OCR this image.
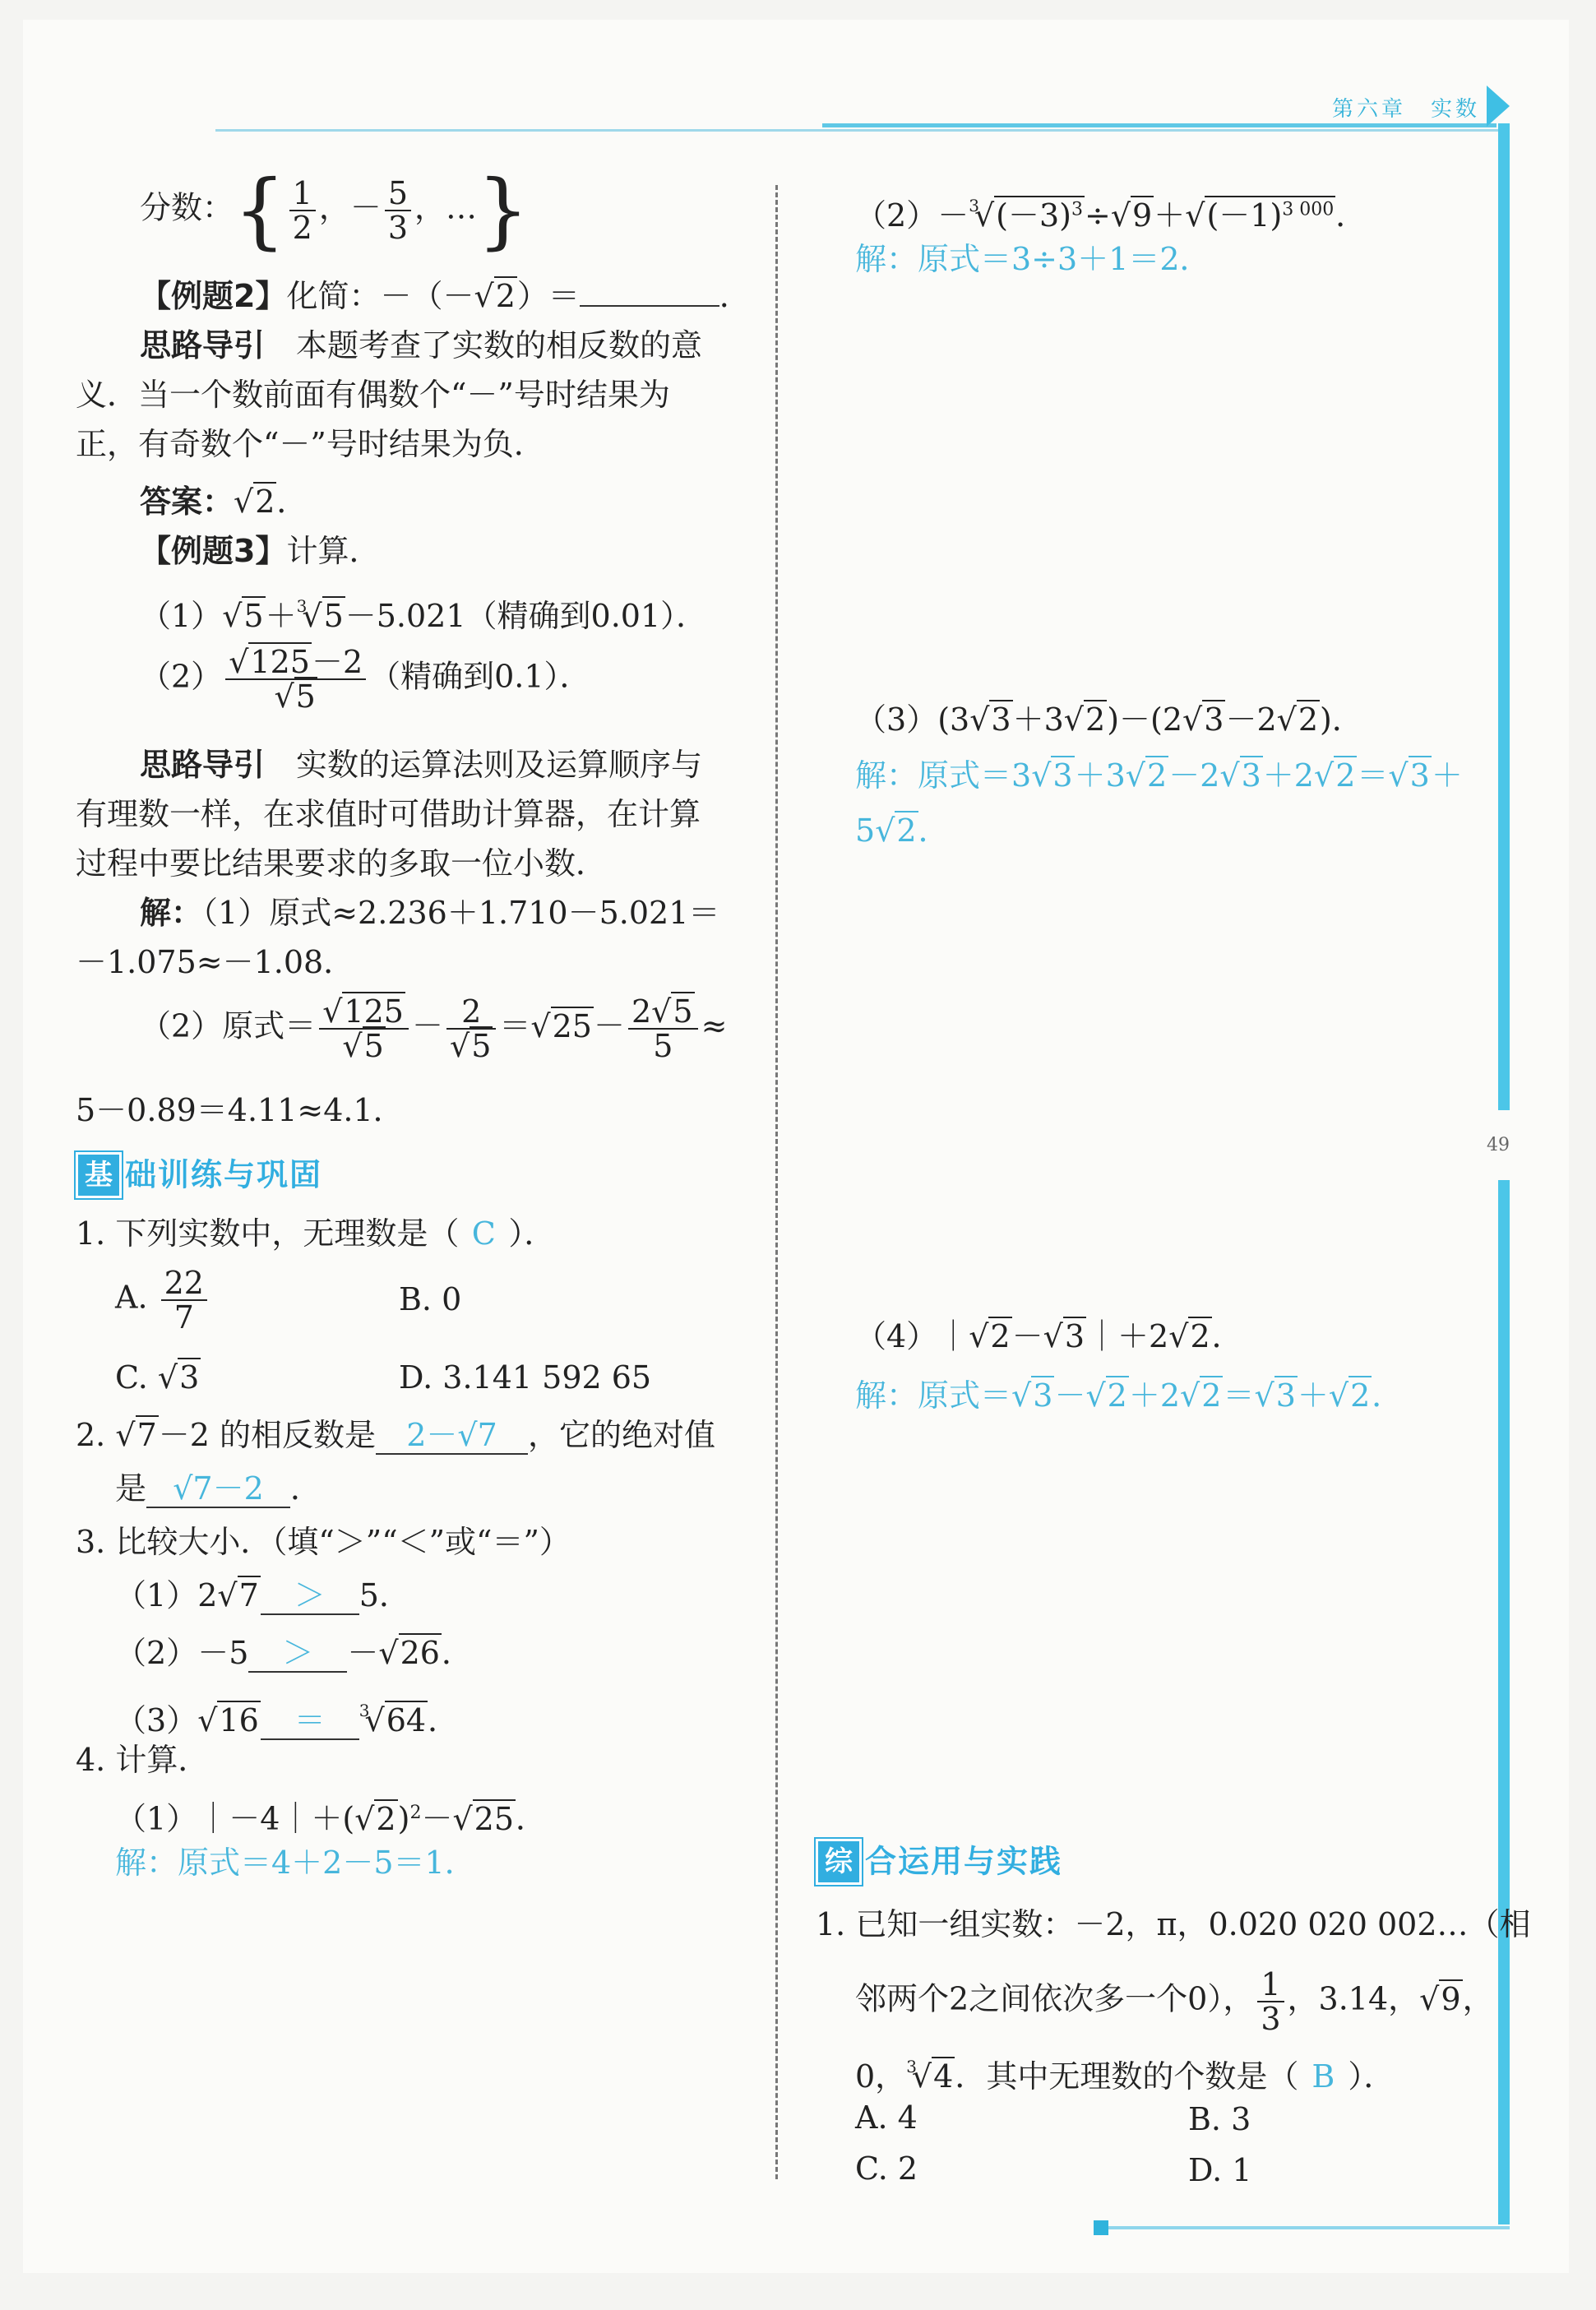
第六章　实数
49
分数：{ $\frac{1}{2}$ ，－ $\frac{5}{3}$ ，…}
【例题2】化简：－（－√ 2）＝	．
思路导引　 本题考查了实数的相反数的意
义．当一个数前面有偶数个“－”号时结果为
正，有奇数个“－”号时结果为负．
答案：√ 2．
【例题3】计算．
（1）√ 5＋$^3$√ 5－5.021（精确到0.01）．
（2）
√ 125－2
√ 5 （精确到0.1）．
思路导引　 实数的运算法则及运算顺序与
有理数一样，在求值时可借助计算器，在计算
过程中要比结果要求的多取一位小数．
解：（1）原式≈2.236＋1.710－5.021＝
－1.075≈－1.08．
（2）原式＝
√ 125
√ 5 － 2
√ 5 ＝√ $25- \frac{2√ 5}{5}$ ≈
5－0.89＝4.11≈4.1．
基 础训练与巩固
1. 下列实数中，无理数是（ C ）．
A. $\frac{22}{7}$	B. 0
C. √ 3	D. 3.141 592 65
2. √ 7－2 的相反数是 2－√7 ，它的绝对值
是 √7－2 ．
3. 比较大小．（填“＞”“＜”或“＝”）
（1）2√ 7 ＞ 5．
（2）－5 ＞ －√ 26．
（3）√ 16 ＝ $^3$√ 64．
4. 计算．
（1）｜－4｜＋(√ 2)$^2$－√ 25．
解：原式＝4＋2－5＝1．
（2）－$^3$√ $(-3)^3\div√$ 9＋√ $(-1)^{3 000}$．
解：原式＝3÷3＋1＝2．
（3）(3√ 3＋3√ 2)－(2√ 3－2√ 2)．
解：原式＝3√ 3＋3√ 2－2√ 3＋2√ 2＝√ 3＋
5√ 2．
（4）｜√ 2－√ 3｜＋2√ 2．
解：原式＝√ 3－√ 2＋2√ 2＝√ 3＋√ 2．
综 合运用与实践
1. 已知一组实数：－2，π，0.020 020 002…（相
邻两个2之间依次多一个0）， $\frac{1}{3}$ ，3.14，√ 9，
0，$^3$√ 4．其中无理数的个数是（ B ）．
A. 4	B. 3
C. 2	D. 1
